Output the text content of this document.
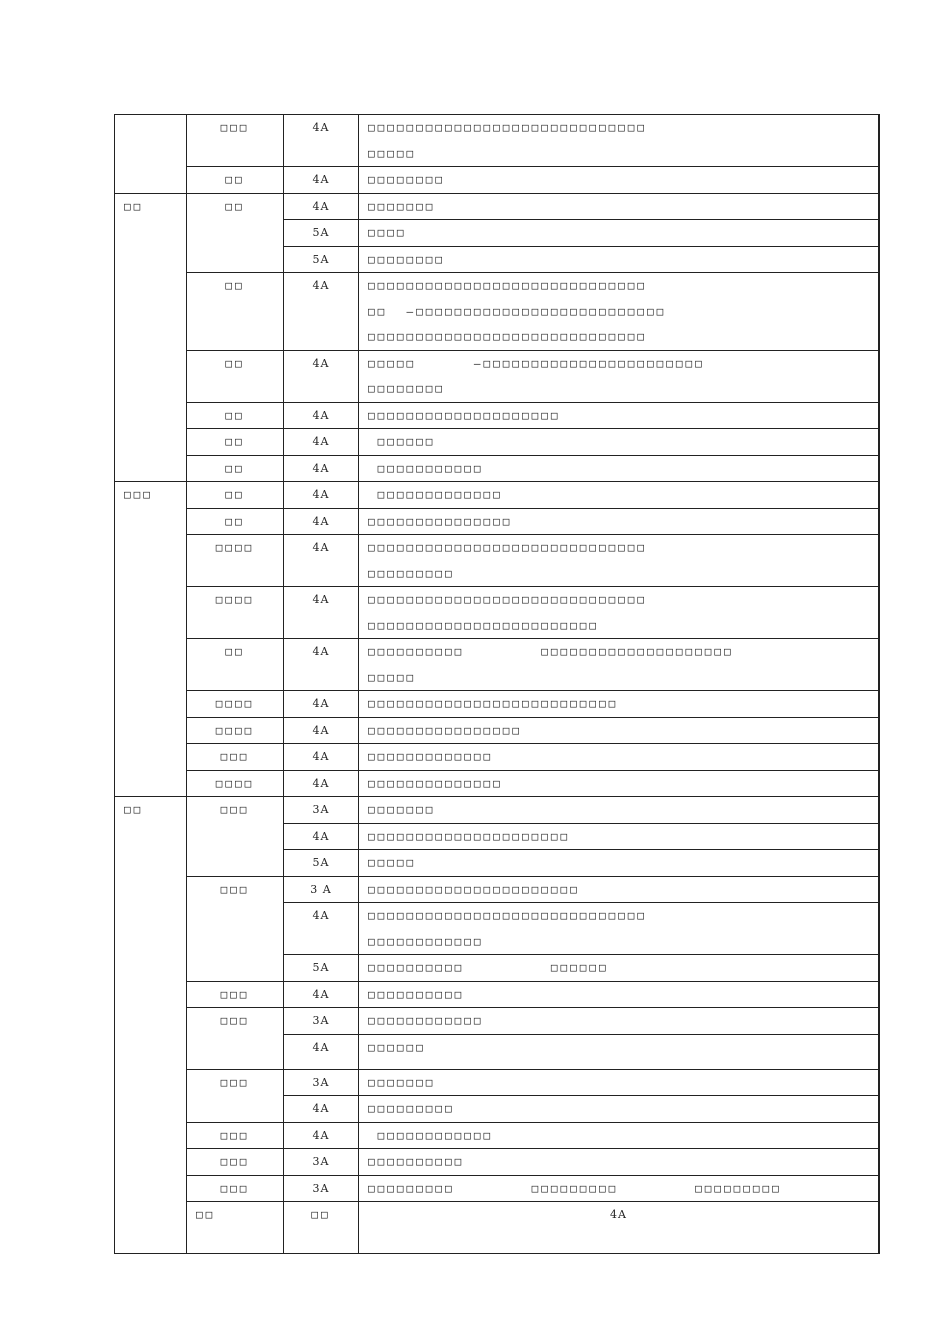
	□□□	4A	□□□□□□□□□□□□□□□□□□□□□□□□□□□□□
□□□□□	

	□□	4A	□□□□□□□□	

□□	□□	4A	□□□□□□□	

		5A	□□□□	

		5A	□□□□□□□□	

	□□	4A	□□□□□□□□□□□□□□□□□□□□□□□□□□□□□
□□  –□□□□□□□□□□□□□□□□□□□□□□□□□□
□□□□□□□□□□□□□□□□□□□□□□□□□□□□□	

	□□	4A	□□□□□      –□□□□□□□□□□□□□□□□□□□□□□□
□□□□□□□□	

	□□	4A	□□□□□□□□□□□□□□□□□□□□	

	□□	4A	□□□□□□	

	□□	4A	□□□□□□□□□□□	

□□□	□□	4A	□□□□□□□□□□□□□	

	□□	4A	□□□□□□□□□□□□□□□	

	□□□□	4A	□□□□□□□□□□□□□□□□□□□□□□□□□□□□□
□□□□□□□□□	

	□□□□	4A	□□□□□□□□□□□□□□□□□□□□□□□□□□□□□
□□□□□□□□□□□□□□□□□□□□□□□□	

	□□	4A	□□□□□□□□□□        □□□□□□□□□□□□□□□□□□□□
□□□□□	

	□□□□	4A	□□□□□□□□□□□□□□□□□□□□□□□□□□	

	□□□□	4A	□□□□□□□□□□□□□□□□	

	□□□	4A	□□□□□□□□□□□□□	

	□□□□	4A	□□□□□□□□□□□□□□	

□□	□□□	3A	□□□□□□□	

		4A	□□□□□□□□□□□□□□□□□□□□□	

		5A	□□□□□	

	□□□	3 A	□□□□□□□□□□□□□□□□□□□□□□	

		4A	□□□□□□□□□□□□□□□□□□□□□□□□□□□□□
□□□□□□□□□□□□	

		5A	□□□□□□□□□□         □□□□□□	

	□□□	4A	□□□□□□□□□□	

	□□□	3A	□□□□□□□□□□□□	

		4A	□□□□□□	

	□□□	3A	□□□□□□□	

		4A	□□□□□□□□□	

	□□□	4A	□□□□□□□□□□□□	

	□□□	3A	□□□□□□□□□□	

	□□□	3A	□□□□□□□□□        □□□□□□□□□        □□□□□□□□□	

	□□	□□	4A	
